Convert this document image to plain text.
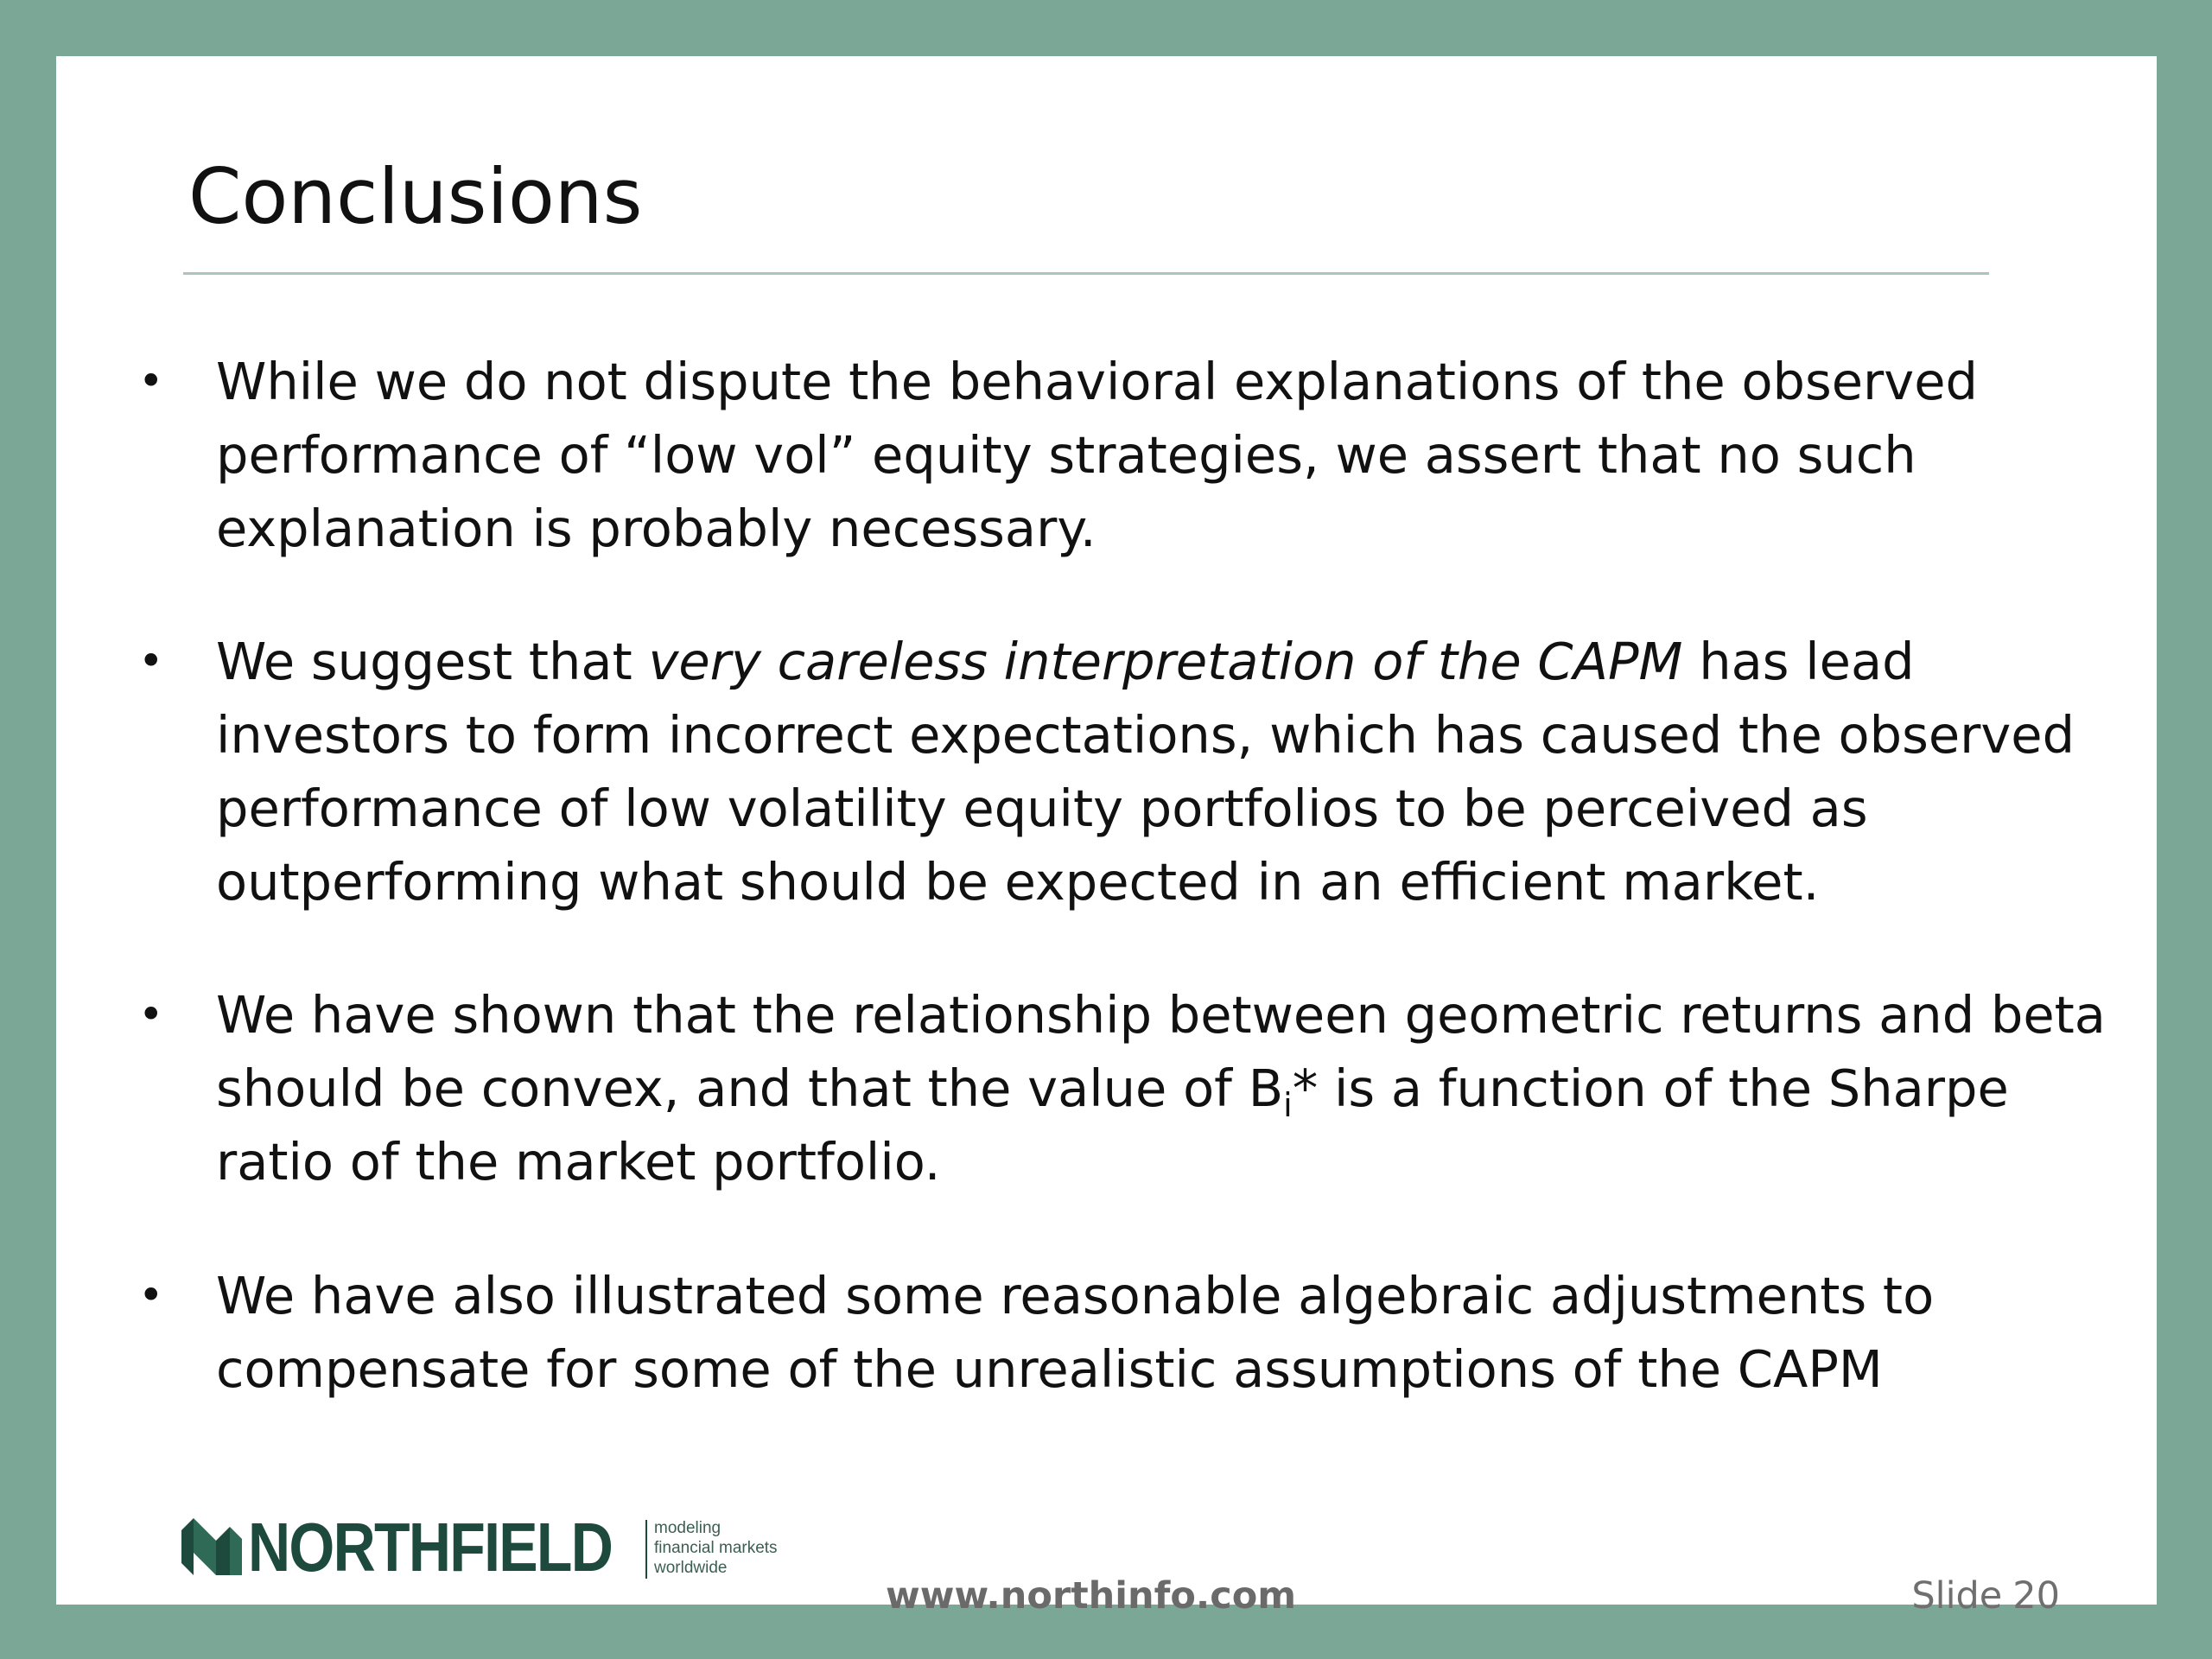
Conclusions
• While we do not dispute the behavioral explanations of the observed
performance of “low vol” equity strategies, we assert that no such
explanation is probably necessary.
• We suggest that very careless interpretation of the CAPM has lead
investors to form incorrect expectations, which has caused the observed
performance of low volatility equity portfolios to be perceived as
outperforming what should be expected in an efficient market.
• We have shown that the relationship between geometric returns and beta
should be convex, and that the value of $B_i*$ is a function of the Sharpe
ratio of the market portfolio.
• We have also illustrated some reasonable algebraic adjustments to
compensate for some of the unrealistic assumptions of the CAPM
NORTHFIELD	modeling
financial markets
worldwide
www.northinfo.com	Slide 20
